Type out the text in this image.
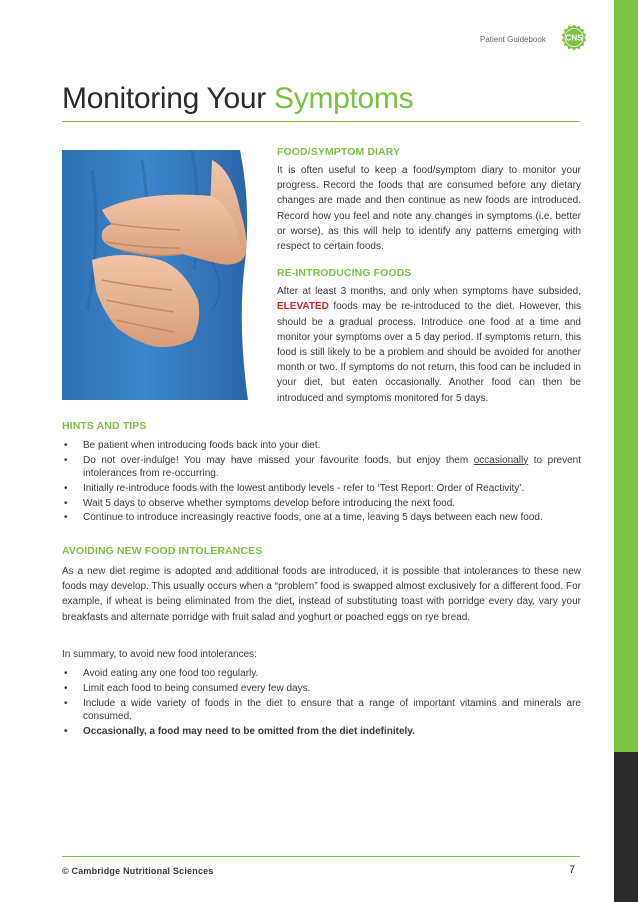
Patient Guidebook CNS
Monitoring Your Symptoms
FOOD/SYMPTOM DIARY

It is often useful to keep a food/symptom diary to monitor your progress. Record the foods that are consumed before any dietary changes are made and then continue as new foods are introduced. Record how you feel and note any changes in symptoms (i.e. better or worse), as this will help to identify any patterns emerging with respect to certain foods.

RE-INTRODUCING FOODS

After at least 3 months, and only when symptoms have subsided, ELEVATED foods may be re-introduced to the diet. However, this should be a gradual process. Introduce one food at a time and monitor your symptoms over a 5 day period. If symptoms return, this food is still likely to be a problem and should be avoided for another month or two. If symptoms do not return, this food can be included in your diet, but eaten occasionally. Another food can then be introduced and symptoms monitored for 5 days.

HINTS AND TIPS
• Be patient when introducing foods back into your diet.
• Do not over-indulge! You may have missed your favourite foods, but enjoy them occasionally to prevent intolerances from re-occurring.
• Initially re-introduce foods with the lowest antibody levels - refer to ‘Test Report: Order of Reactivity’.
• Wait 5 days to observe whether symptoms develop before introducing the next food.
• Continue to introduce increasingly reactive foods, one at a time, leaving 5 days between each new food.
AVOIDING NEW FOOD INTOLERANCES

As a new diet regime is adopted and additional foods are introduced, it is possible that intolerances to these new foods may develop. This usually occurs when a “problem” food is swapped almost exclusively for a different food. For example, if wheat is being eliminated from the diet, instead of substituting toast with porridge every day, vary your breakfasts and alternate porridge with fruit salad and yoghurt or poached eggs on rye bread.

In summary, to avoid new food intolerances:

• Avoid eating any one food too regularly.
• Limit each food to being consumed every few days.
• Include a wide variety of foods in the diet to ensure that a range of important vitamins and minerals are consumed.
• Occasionally, a food may need to be omitted from the diet indefinitely.
© Cambridge Nutritional Sciences	7
